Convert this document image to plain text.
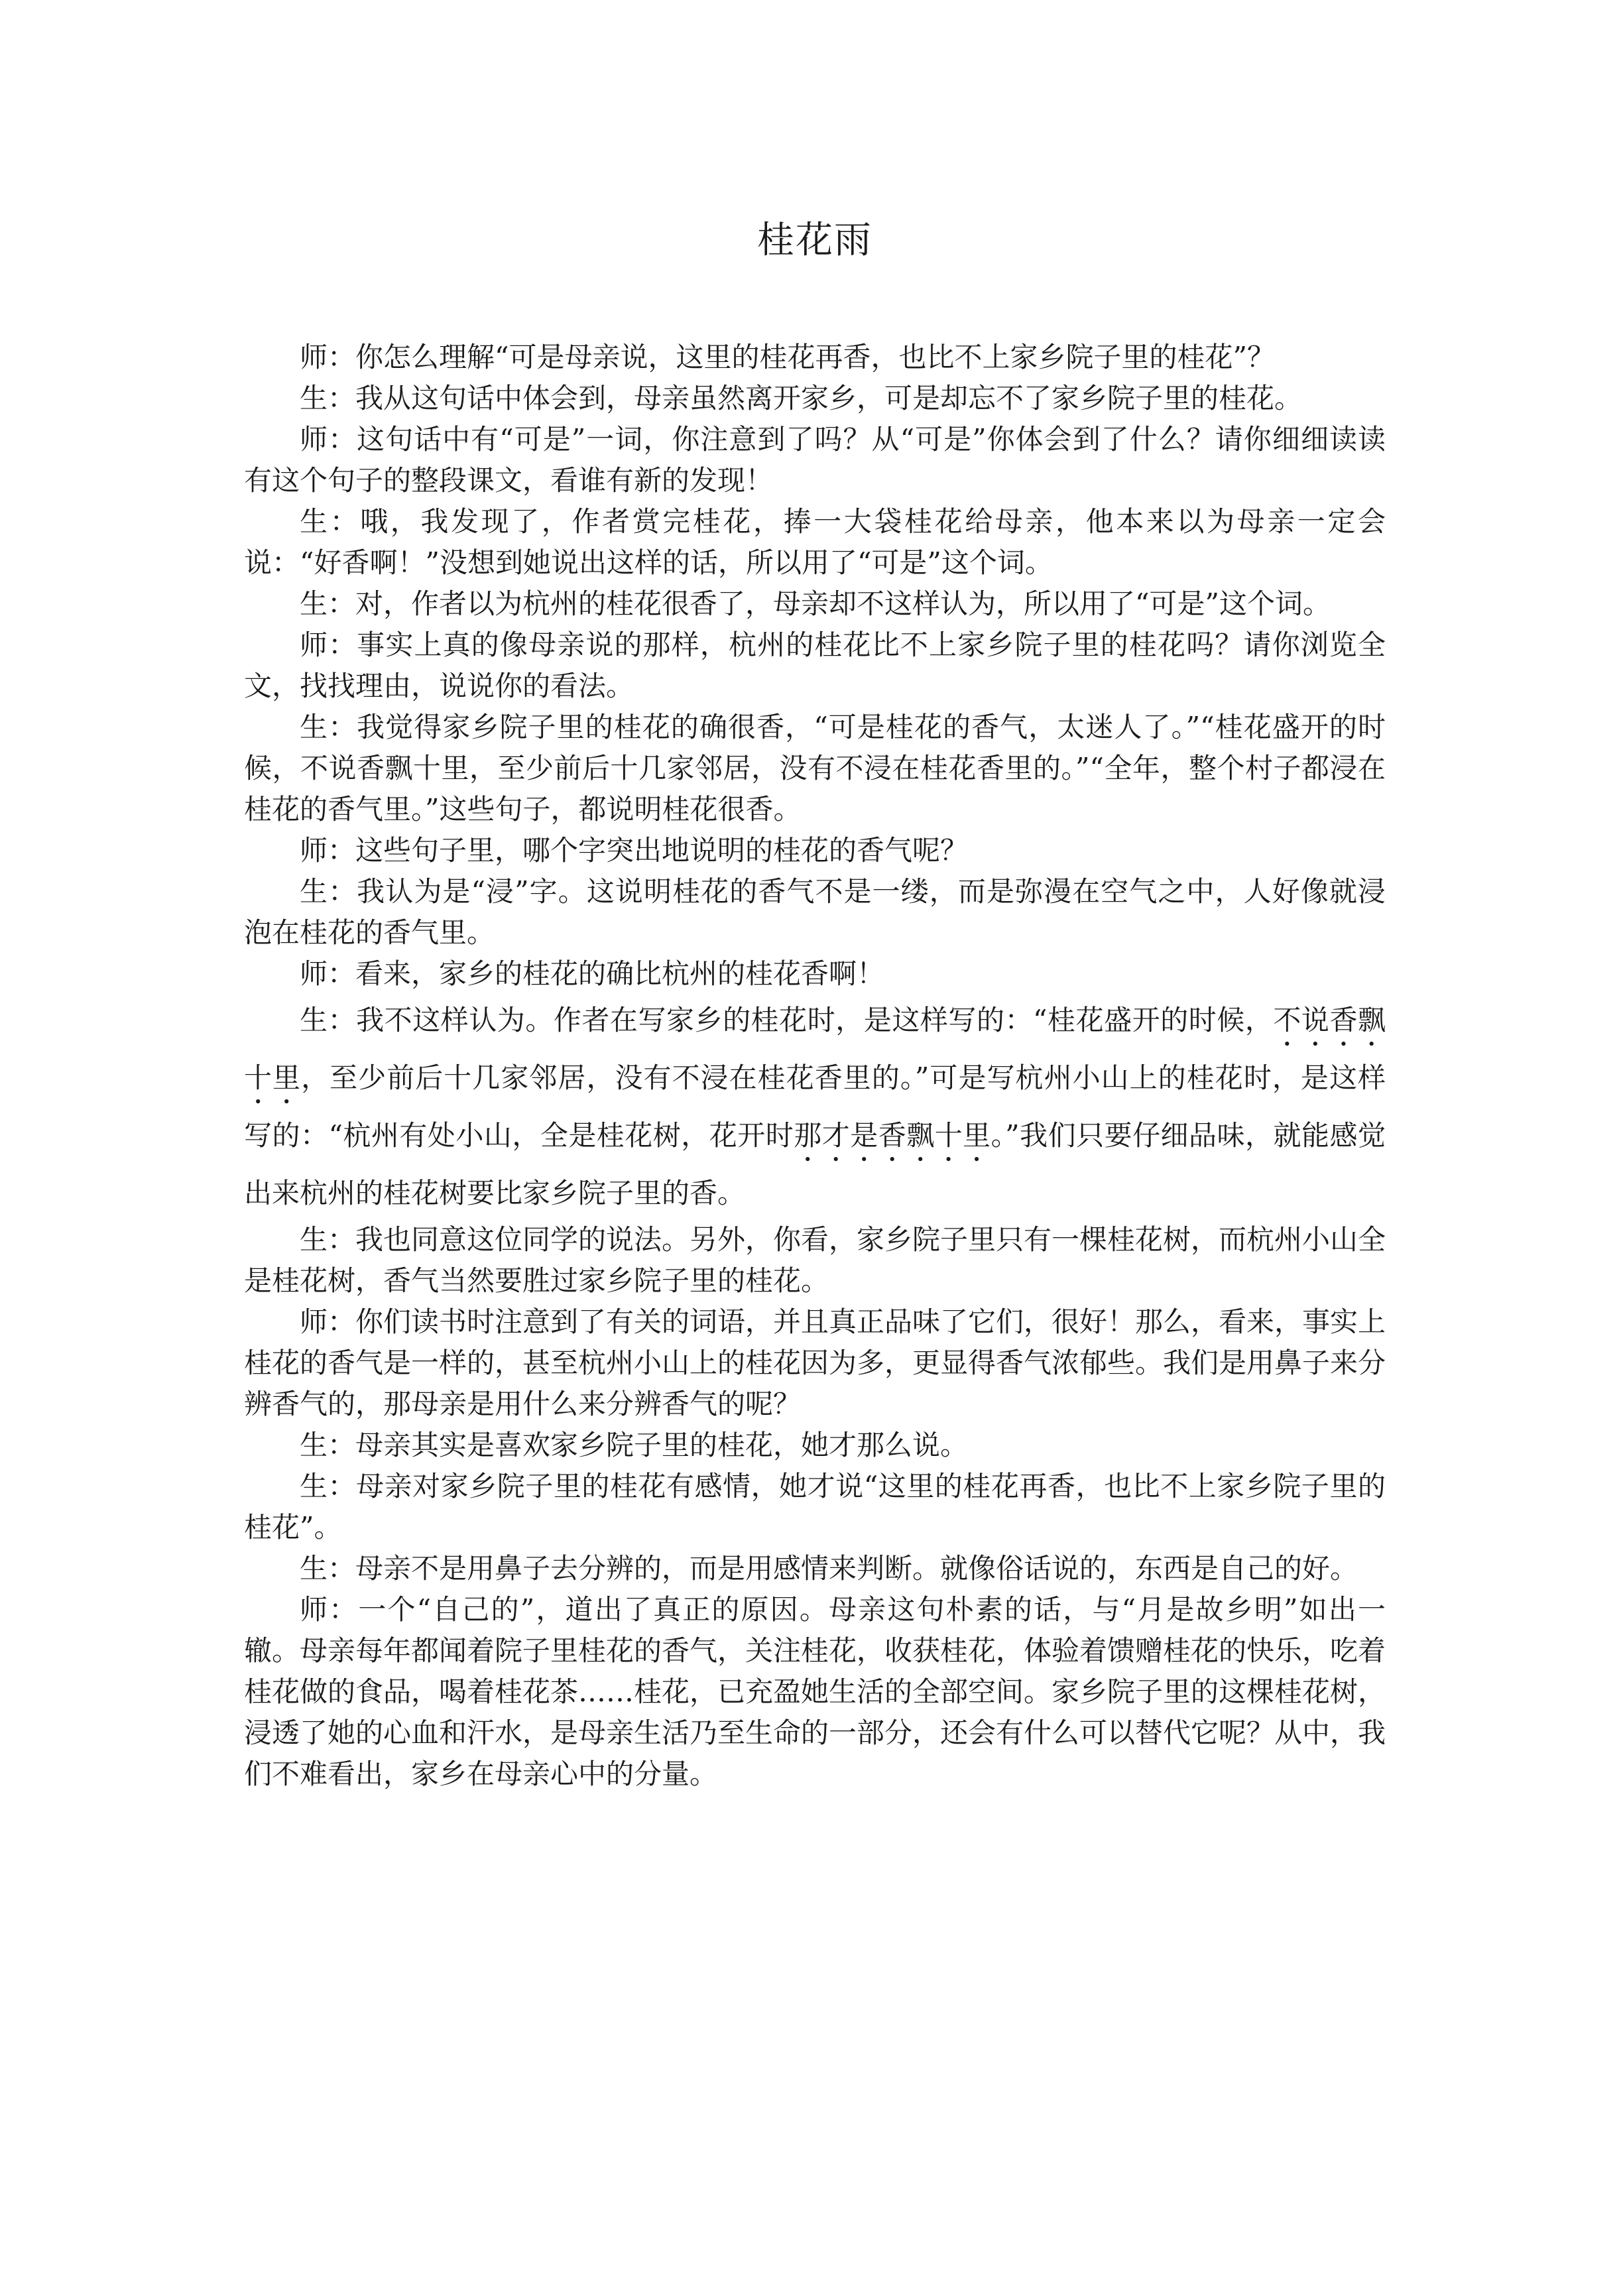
桂花雨

师：你怎么理解“可是母亲说，这里的桂花再香，也比不上家乡院子里的桂花”？

生：我从这句话中体会到，母亲虽然离开家乡，可是却忘不了家乡院子里的桂花。

师：这句话中有“可是”一词，你注意到了吗？从“可是”你体会到了什么？请你细细读读有这个句子的整段课文，看谁有新的发现！

生：哦，我发现了，作者赏完桂花，捧一大袋桂花给母亲，他本来以为母亲一定会说：“好香啊！”没想到她说出这样的话，所以用了“可是”这个词。

生：对，作者以为杭州的桂花很香了，母亲却不这样认为，所以用了“可是”这个词。

师：事实上真的像母亲说的那样，杭州的桂花比不上家乡院子里的桂花吗？请你浏览全文，找找理由，说说你的看法。

生：我觉得家乡院子里的桂花的确很香，“可是桂花的香气，太迷人了。”“桂花盛开的时候，不说香飘十里，至少前后十几家邻居，没有不浸在桂花香里的。”“全年，整个村子都浸在桂花的香气里。”这些句子，都说明桂花很香。

师：这些句子里，哪个字突出地说明的桂花的香气呢？

生：我认为是“浸”字。这说明桂花的香气不是一缕，而是弥漫在空气之中，人好像就浸泡在桂花的香气里。

师：看来，家乡的桂花的确比杭州的桂花香啊！

生：我不这样认为。作者在写家乡的桂花时，是这样写的：“桂花盛开的时候，不说香飘十里，至少前后十几家邻居，没有不浸在桂花香里的。”可是写杭州小山上的桂花时，是这样写的：“杭州有处小山，全是桂花树，花开时那才是香飘十里。”我们只要仔细品味，就能感觉出来杭州的桂花树要比家乡院子里的香。

生：我也同意这位同学的说法。另外，你看，家乡院子里只有一棵桂花树，而杭州小山全是桂花树，香气当然要胜过家乡院子里的桂花。

师：你们读书时注意到了有关的词语，并且真正品味了它们，很好！那么，看来，事实上桂花的香气是一样的，甚至杭州小山上的桂花因为多，更显得香气浓郁些。我们是用鼻子来分辨香气的，那母亲是用什么来分辨香气的呢？

生：母亲其实是喜欢家乡院子里的桂花，她才那么说。

生：母亲对家乡院子里的桂花有感情，她才说“这里的桂花再香，也比不上家乡院子里的桂花”。

生：母亲不是用鼻子去分辨的，而是用感情来判断。就像俗话说的，东西是自己的好。

师：一个“自己的”，道出了真正的原因。母亲这句朴素的话，与“月是故乡明”如出一辙。母亲每年都闻着院子里桂花的香气，关注桂花，收获桂花，体验着馈赠桂花的快乐，吃着桂花做的食品，喝着桂花茶……桂花，已充盈她生活的全部空间。家乡院子里的这棵桂花树，浸透了她的心血和汗水，是母亲生活乃至生命的一部分，还会有什么可以替代它呢？从中，我们不难看出，家乡在母亲心中的分量。
